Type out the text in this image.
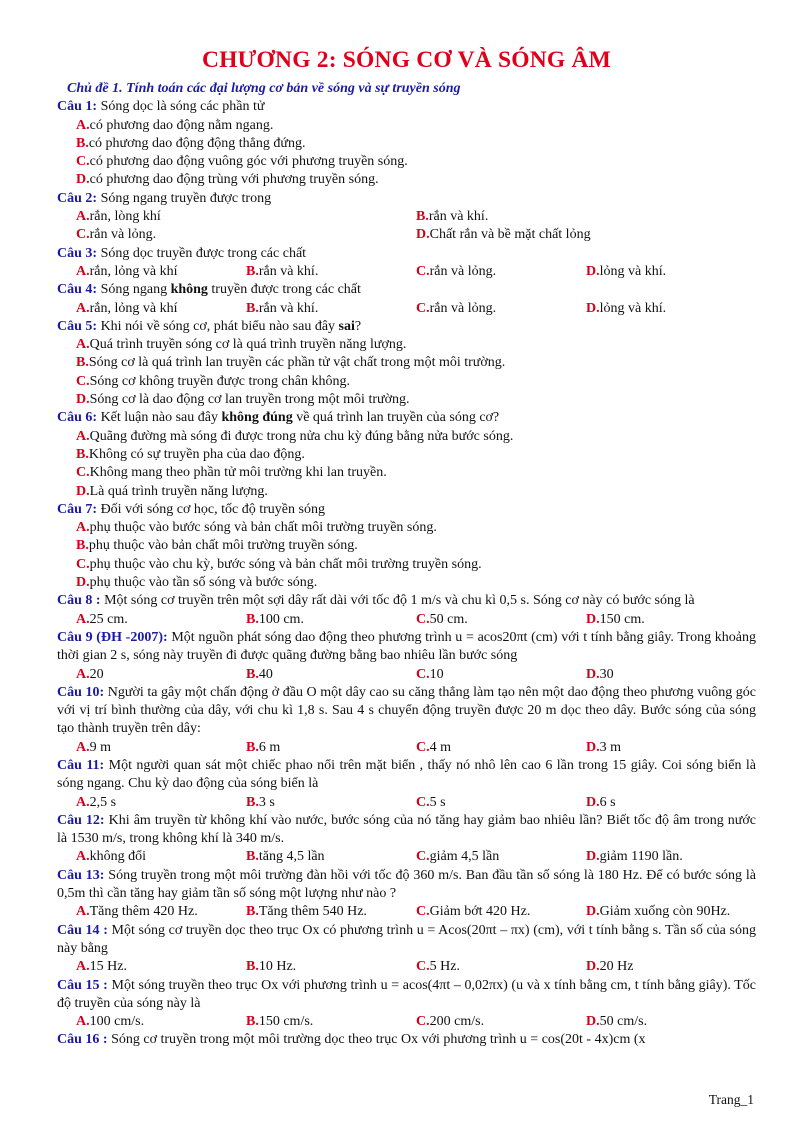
CHƯƠNG 2: SÓNG CƠ VÀ SÓNG ÂM
Chủ đề 1. Tính toán các đại lượng cơ bản về sóng và sự truyền sóng
Câu 1: Sóng dọc là sóng các phần tử
A.có phương dao động nằm ngang.
B.có phương dao động động thẳng đứng.
C.có phương dao động vuông góc với phương truyền sóng.
D.có phương dao động trùng với phương truyền sóng.
Câu 2: Sóng ngang truyền được trong
A.rắn, lòng khí	B.rắn và khí.
C.rắn và lỏng.	D.Chất rắn và bề mặt chất lỏng
Câu 3: Sóng dọc truyền được trong các chất
A.rắn, lỏng và khí	B.rắn và khí.	C.rắn và lỏng.	D.lỏng và khí.
Câu 4: Sóng ngang không truyền được trong các chất
A.rắn, lỏng và khí	B.rắn và khí.	C.rắn và lỏng.	D.lỏng và khí.
Câu 5: Khi nói về sóng cơ, phát biểu nào sau đây sai?
A.Quá trình truyền sóng cơ là quá trình truyền năng lượng.
B.Sóng cơ là quá trình lan truyền các phần tử vật chất trong một môi trường.
C.Sóng cơ không truyền được trong chân không.
D.Sóng cơ là dao động cơ lan truyền trong một môi trường.
Câu 6: Kết luận nào sau đây không đúng về quá trình lan truyền của sóng cơ?
A.Quãng đường mà sóng đi được trong nửa chu kỳ đúng bằng nửa bước sóng.
B.Không có sự truyền pha của dao động.
C.Không mang theo phần tử môi trường khi lan truyền.
D.Là quá trình truyền năng lượng.
Câu 7: Đối với sóng cơ học, tốc độ truyền sóng
A.phụ thuộc vào bước sóng và bản chất môi trường truyền sóng.
B.phụ thuộc vào bản chất môi trường truyền sóng.
C.phụ thuộc vào chu kỳ, bước sóng và bản chất môi trường truyền sóng.
D.phụ thuộc vào tần số sóng và bước sóng.
Câu 8 : Một sóng cơ truyền trên một sợi dây rất dài với tốc độ 1 m/s và chu kì 0,5 s. Sóng cơ này có bước sóng là
A.25 cm.	B.100 cm.	C.50 cm.	D.150 cm.
Câu 9 (ĐH -2007): Một nguồn phát sóng dao động theo phương trình u = acos20πt (cm) với t tính bằng giây. Trong khoảng thời gian 2 s, sóng này truyền đi được quãng đường bằng bao nhiêu lần bước sóng
A.20	B.40	C.10	D.30
Câu 10: Người ta gây một chấn động ở đầu O một dây cao su căng thẳng làm tạo nên một dao động theo phương vuông góc với vị trí bình thường của dây, với chu kì 1,8 s. Sau 4 s chuyển động truyền được 20 m dọc theo dây. Bước sóng của sóng tạo thành truyền trên dây:
A.9 m	B.6 m	C.4 m	D.3 m
Câu 11: Một người quan sát một chiếc phao nổi trên mặt biển , thấy nó nhô lên cao 6 lần trong 15 giây. Coi sóng biển là sóng ngang. Chu kỳ dao động của sóng biển là
A.2,5 s	B.3 s	C.5 s	D.6 s
Câu 12: Khi âm truyền từ không khí vào nước, bước sóng của nó tăng hay giảm bao nhiêu lần? Biết tốc độ âm trong nước là 1530 m/s, trong không khí là 340 m/s.
A.không đổi	B.tăng 4,5 lần	C.giảm 4,5 lần	D.giảm 1190 lần.
Câu 13: Sóng truyền trong một môi trường đàn hồi với tốc độ 360 m/s. Ban đầu tần số sóng là 180 Hz. Để có bước sóng là 0,5m thì cần tăng hay giảm tần số sóng một lượng như nào ?
A.Tăng thêm 420 Hz.	B.Tăng thêm 540 Hz.	C.Giảm bớt 420 Hz.	D.Giảm xuống còn 90Hz.
Câu 14 : Một sóng cơ truyền dọc theo trục Ox có phương trình u = Acos(20πt – πx) (cm), với t tính bằng s. Tần số của sóng này bằng
A.15 Hz.	B.10 Hz.	C.5 Hz.	D.20 Hz
Câu 15 : Một sóng truyền theo trục Ox với phương trình u = acos(4πt – 0,02πx) (u và x tính bằng cm, t tính bằng giây). Tốc độ truyền của sóng này là
A.100 cm/s.	B.150 cm/s.	C.200 cm/s.	D.50 cm/s.
Câu 16 : Sóng cơ truyền trong một môi trường dọc theo trục Ox với phương trình u = cos(20t - 4x)cm (x
Trang_1
